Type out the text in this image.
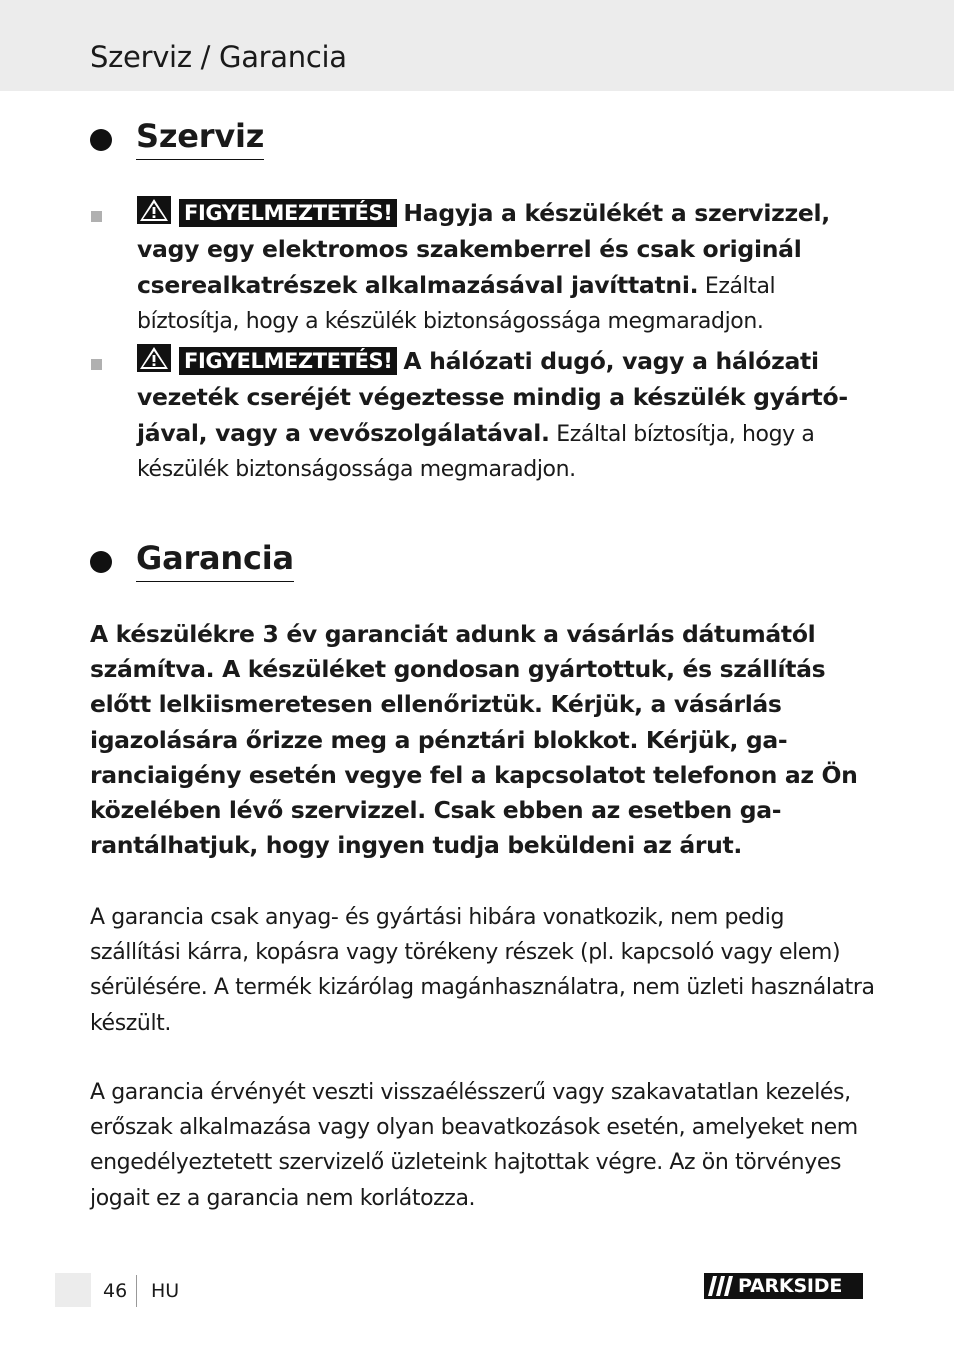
Szerviz / Garancia
Szerviz
FIGYELMEZTETÉS! Hagyja a készülékét a szervizzel, vagy egy elektromos szakemberrel és csak originál cserealkatrészek alkalmazásával javíttatni. Ezáltal bíztosítja, hogy a készülék biztonságossága megmaradjon.
FIGYELMEZTETÉS! A hálózati dugó, vagy a hálózati vezeték cseréjét végeztesse mindig a készülék gyártójával, vagy a vevőszolgálatával. Ezáltal bíztosítja, hogy a készülék biztonságossága megmaradjon.
Garancia

A készülékre 3 év garanciát adunk a vásárlás dátumától számítva. A készüléket gondosan gyártottuk, és szállítás előtt lelkiismeretesen ellenőriztük. Kérjük, a vásárlás igazolására őrizze meg a pénztári blokkot. Kérjük, garanciaigény esetén vegye fel a kapcsolatot telefonon az Ön közelében lévő szervizzel. Csak ebben az esetben garantálhatjuk, hogy ingyen tudja beküldeni az árut.

A garancia csak anyag- és gyártási hibára vonatkozik, nem pedig szállítási kárra, kopásra vagy törékeny részek (pl. kapcsoló vagy elem) sérülésére. A termék kizárólag magánhasználatra, nem üzleti használatra készült.

A garancia érvényét veszti visszaélésszerű vagy szakavatatlan kezelés, erőszak alkalmazása vagy olyan beavatkozások esetén, amelyeket nem engedélyeztetett szervizelő üzleteink hajtottak végre. Az ön törvényes jogait ez a garancia nem korlátozza.

46 HU	PARKSIDE
